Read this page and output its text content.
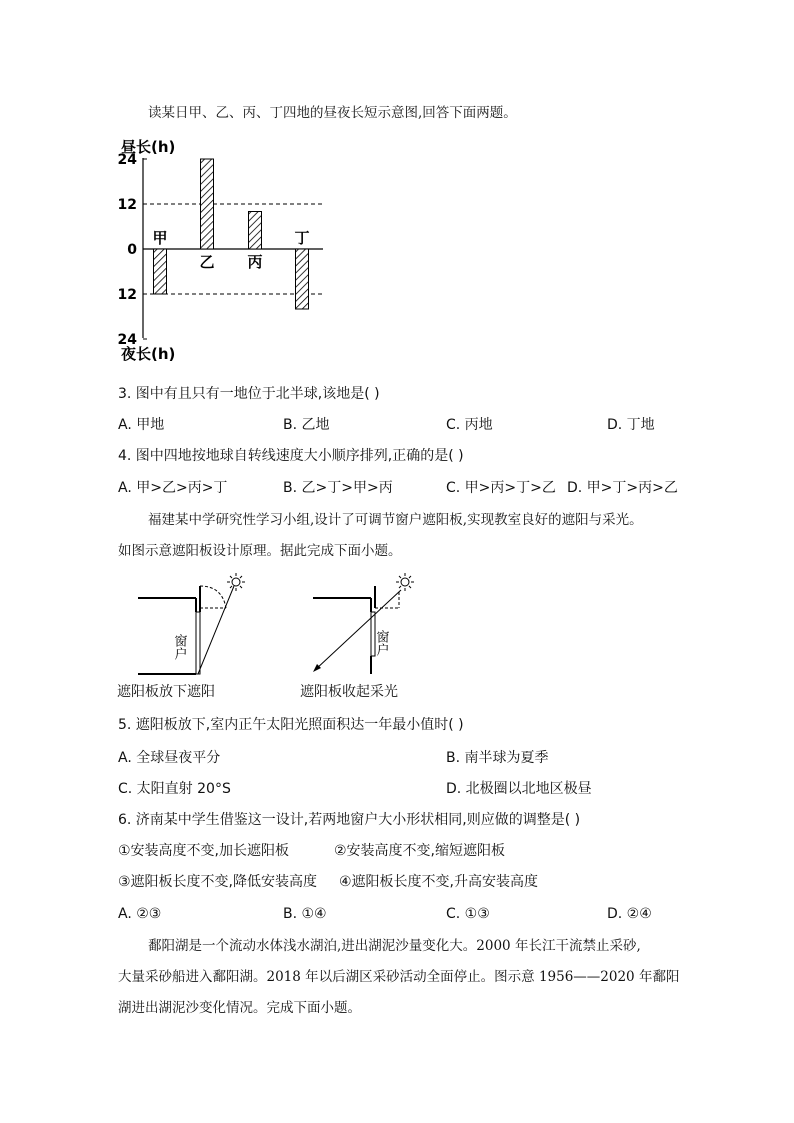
读某日甲、乙、丙、丁四地的昼夜长短示意图,回答下面两题。
昼长(h)
夜长(h)
24
12
0
12
24
甲
乙 丙
丁
3. 图中有且只有一地位于北半球,该地是( )
A. 甲地	B. 乙地	C. 丙地	D. 丁地
4. 图中四地按地球自转线速度大小顺序排列,正确的是( )
A. 甲>乙>丙>丁	B. 乙>丁>甲>丙	C. 甲>丙>丁>乙 D. 甲>丁>丙>乙
福建某中学研究性学习小组,设计了可调节窗户遮阳板,实现教室良好的遮阳与采光。
如图示意遮阳板设计原理。据此完成下面小题。
窗户
遮阳板放下遮阳
窗户
遮阳板收起采光
5. 遮阳板放下,室内正午太阳光照面积达一年最小值时( )
A. 全球昼夜平分	B. 南半球为夏季
C. 太阳直射 20°S	D. 北极圈以北地区极昼
6. 济南某中学生借鉴这一设计,若两地窗户大小形状相同,则应做的调整是( )
①安装高度不变,加长遮阳板	②安装高度不变,缩短遮阳板
③遮阳板长度不变,降低安装高度 ④遮阳板长度不变,升高安装高度
A. ②③	B. ①④	C. ①③	D. ②④
鄱阳湖是一个流动水体浅水湖泊,进出湖泥沙量变化大。2000 年长江干流禁止采砂,
大量采砂船进入鄱阳湖。2018 年以后湖区采砂活动全面停止。图示意 1956——2020 年鄱阳
湖进出湖泥沙变化情况。完成下面小题。
